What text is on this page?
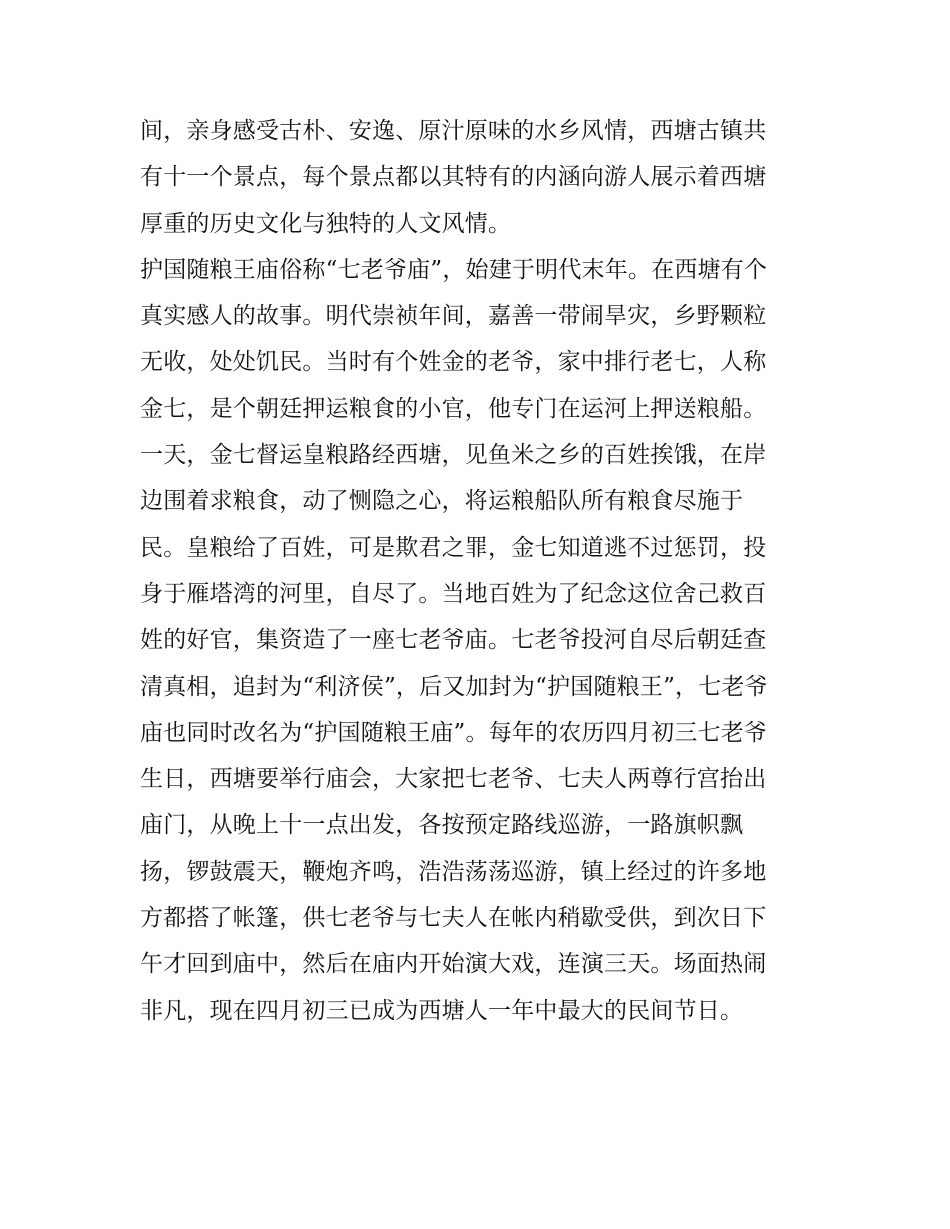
间，亲身感受古朴、安逸、原汁原味的水乡风情，西塘古镇共
有十一个景点，每个景点都以其特有的内涵向游人展示着西塘
厚重的历史文化与独特的人文风情。
护国随粮王庙俗称“七老爷庙”，始建于明代末年。在西塘有个
真实感人的故事。明代崇祯年间，嘉善一带闹旱灾，乡野颗粒
无收，处处饥民。当时有个姓金的老爷，家中排行老七，人称
金七，是个朝廷押运粮食的小官，他专门在运河上押送粮船。
一天，金七督运皇粮路经西塘，见鱼米之乡的百姓挨饿，在岸
边围着求粮食，动了恻隐之心，将运粮船队所有粮食尽施于
民。皇粮给了百姓，可是欺君之罪，金七知道逃不过惩罚，投
身于雁塔湾的河里，自尽了。当地百姓为了纪念这位舍己救百
姓的好官，集资造了一座七老爷庙。七老爷投河自尽后朝廷查
清真相，追封为“利济侯”，后又加封为“护国随粮王”，七老爷
庙也同时改名为“护国随粮王庙”。每年的农历四月初三七老爷
生日，西塘要举行庙会，大家把七老爷、七夫人两尊行宫抬出
庙门，从晚上十一点出发，各按预定路线巡游，一路旗帜飘
扬，锣鼓震天，鞭炮齐鸣，浩浩荡荡巡游，镇上经过的许多地
方都搭了帐篷，供七老爷与七夫人在帐内稍歇受供，到次日下
午才回到庙中，然后在庙内开始演大戏，连演三天。场面热闹
非凡，现在四月初三已成为西塘人一年中最大的民间节日。
